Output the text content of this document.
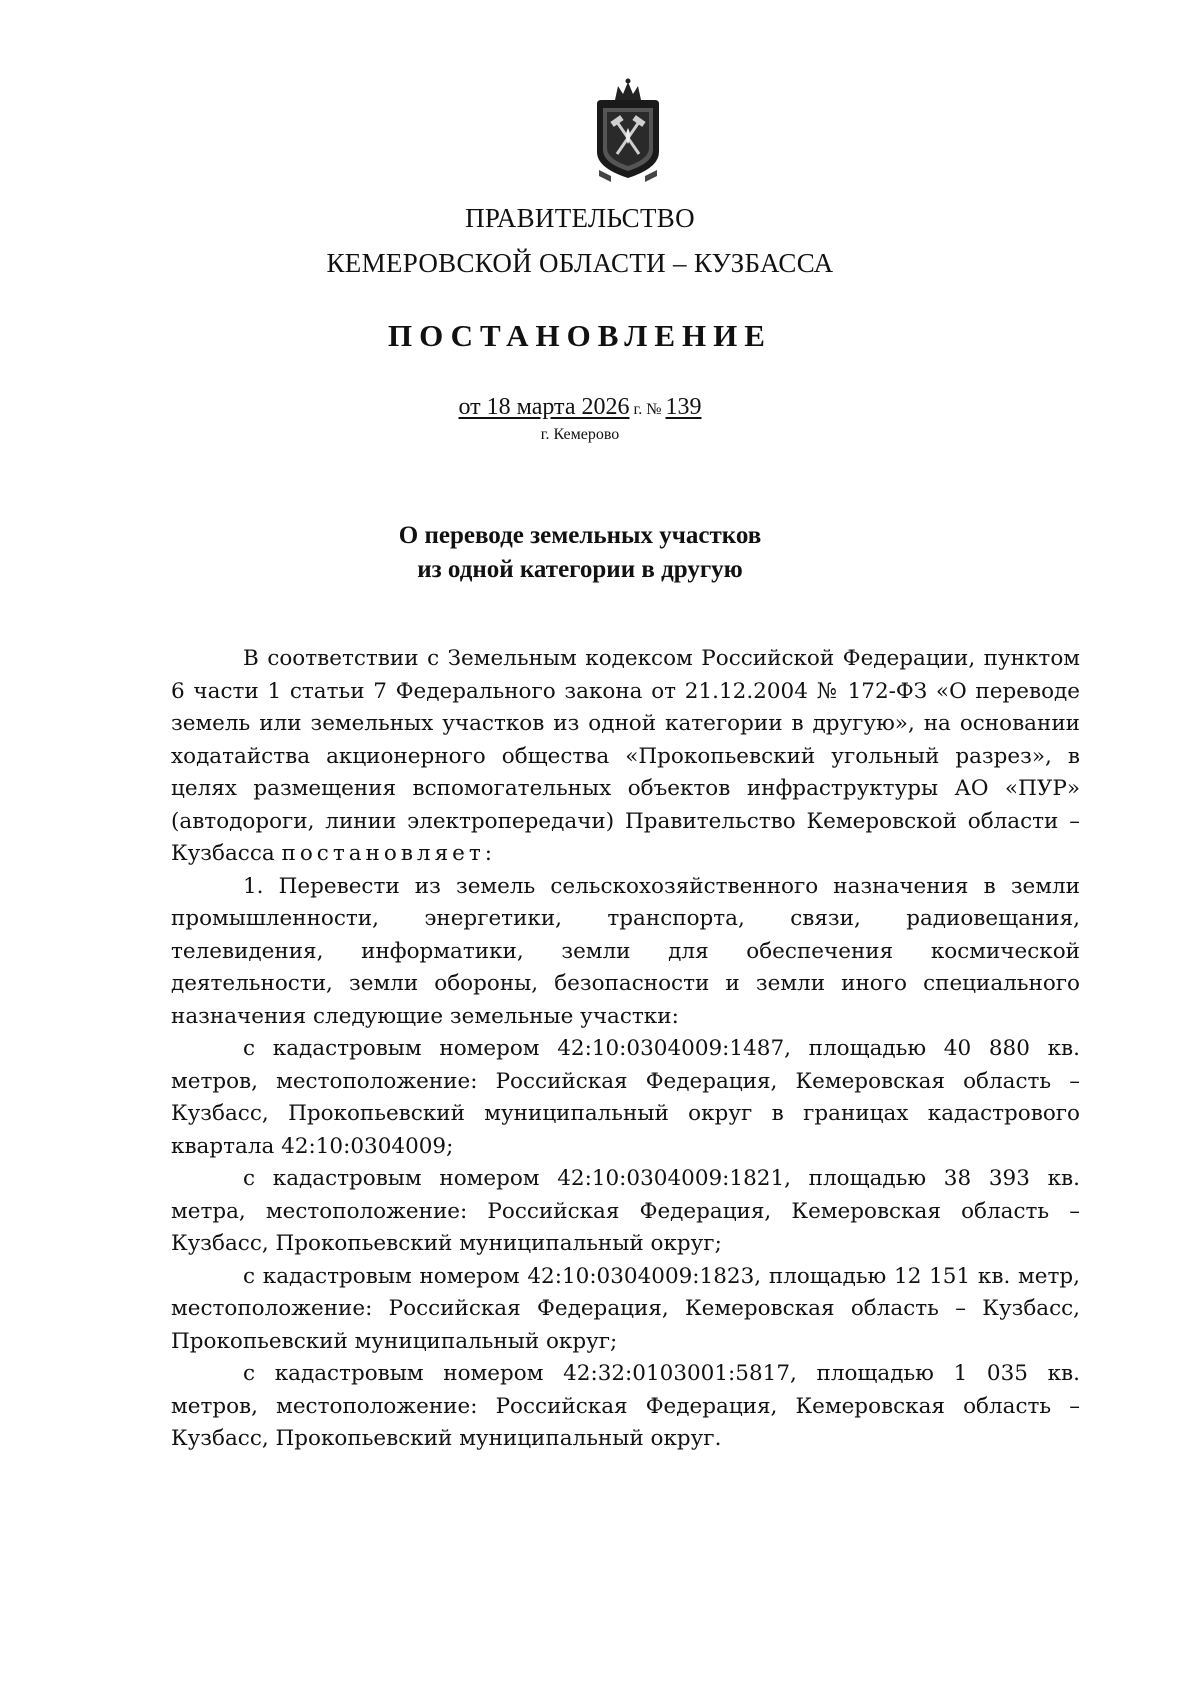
ПРАВИТЕЛЬСТВО
КЕМЕРОВСКОЙ ОБЛАСТИ – КУЗБАССА
ПОСТАНОВЛЕНИЕ
от 18 марта 2026 г. № 139
г. Кемерово
О переводе земельных участков
из одной категории в другую

В соответствии с Земельным кодексом Российской Федерации, пунктом 6 части 1 статьи 7 Федерального закона от 21.12.2004 № 172-ФЗ «О переводе земель или земельных участков из одной категории в другую», на основании ходатайства акционерного общества «Прокопьевский угольный разрез», в целях размещения вспомогательных объектов инфраструктуры АО «ПУР» (автодороги, линии электропередачи) Правительство Кемеровской области – Кузбасса постановляет:

1. Перевести из земель сельскохозяйственного назначения в земли промышленности, энергетики, транспорта, связи, радиовещания, телевидения, информатики, земли для обеспечения космической деятельности, земли обороны, безопасности и земли иного специального назначения следующие земельные участки:

с кадастровым номером 42:10:0304009:1487, площадью 40 880 кв. метров, местоположение: Российская Федерация, Кемеровская область – Кузбасс, Прокопьевский муниципальный округ в границах кадастрового квартала 42:10:0304009;

с кадастровым номером 42:10:0304009:1821, площадью 38 393 кв. метра, местоположение: Российская Федерация, Кемеровская область – Кузбасс, Прокопьевский муниципальный округ;

с кадастровым номером 42:10:0304009:1823, площадью 12 151 кв. метр, местоположение: Российская Федерация, Кемеровская область – Кузбасс, Прокопьевский муниципальный округ;

с кадастровым номером 42:32:0103001:5817, площадью 1 035 кв. метров, местоположение: Российская Федерация, Кемеровская область – Кузбасс, Прокопьевский муниципальный округ.
